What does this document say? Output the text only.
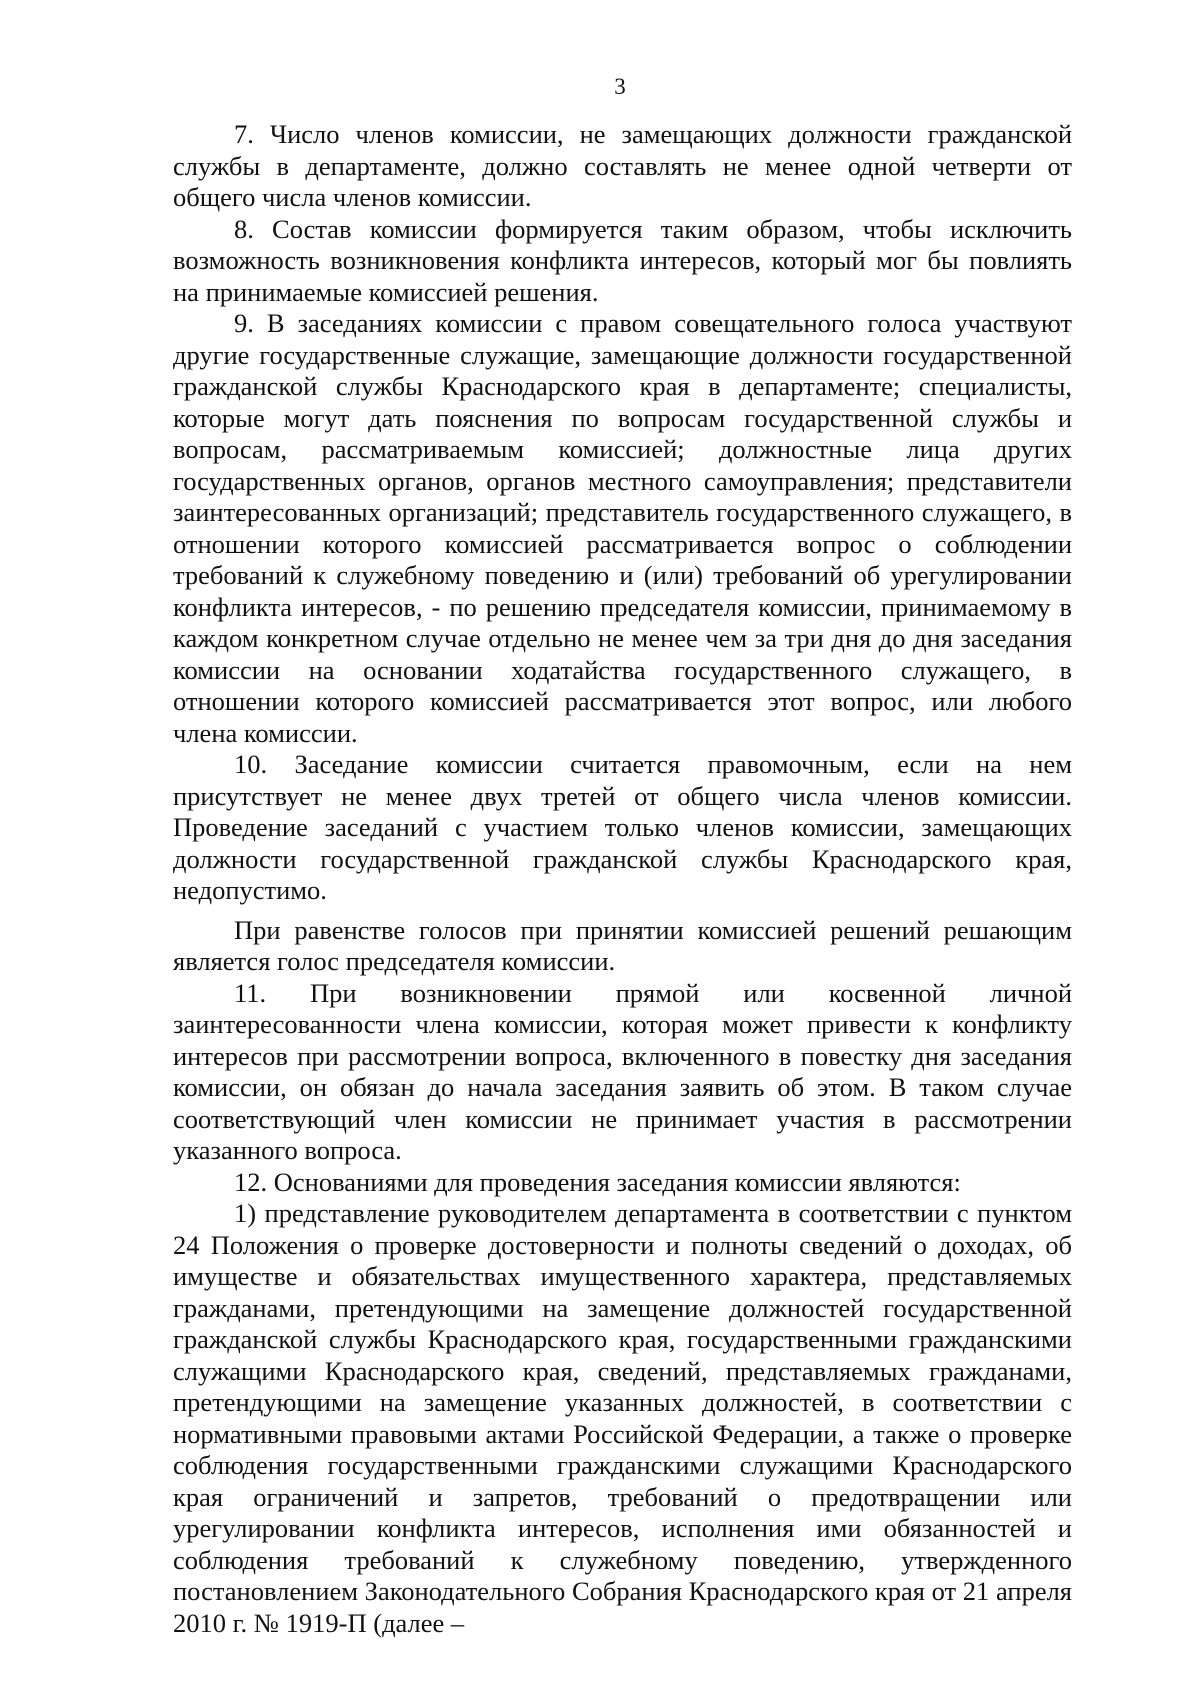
3

7. Число членов комиссии, не замещающих должности гражданской службы в департаменте, должно составлять не менее одной четверти от общего числа членов комиссии.

8. Состав комиссии формируется таким образом, чтобы исключить возможность возникновения конфликта интересов, который мог бы повлиять на принимаемые комиссией решения.

9. В заседаниях комиссии с правом совещательного голоса участвуют другие государственные служащие, замещающие должности государственной гражданской службы Краснодарского края в департаменте; специалисты, которые могут дать пояснения по вопросам государственной службы и вопросам, рассматриваемым комиссией; должностные лица других государственных органов, органов местного самоуправления; представители заинтересованных организаций; представитель государственного служащего, в отношении которого комиссией рассматривается вопрос о соблюдении требований к служебному поведению и (или) требований об урегулировании конфликта интересов, - по решению председателя комиссии, принимаемому в каждом конкретном случае отдельно не менее чем за три дня до дня заседания комиссии на основании ходатайства государственного служащего, в отношении которого комиссией рассматривается этот вопрос, или любого члена комиссии.

10. Заседание комиссии считается правомочным, если на нем присутствует не менее двух третей от общего числа членов комиссии. Проведение заседаний с участием только членов комиссии, замещающих должности государственной гражданской службы Краснодарского края, недопустимо.

При равенстве голосов при принятии комиссией решений решающим является голос председателя комиссии.

11. При возникновении прямой или косвенной личной заинтересованности члена комиссии, которая может привести к конфликту интересов при рассмотрении вопроса, включенного в повестку дня заседания комиссии, он обязан до начала заседания заявить об этом. В таком случае соответствующий член комиссии не принимает участия в рассмотрении указанного вопроса.

12. Основаниями для проведения заседания комиссии являются:

1) представление руководителем департамента в соответствии с пунктом 24 Положения о проверке достоверности и полноты сведений о доходах, об имуществе и обязательствах имущественного характера, представляемых гражданами, претендующими на замещение должностей государственной гражданской службы Краснодарского края, государственными гражданскими служащими Краснодарского края, сведений, представляемых гражданами, претендующими на замещение указанных должностей, в соответствии с нормативными правовыми актами Российской Федерации, а также о проверке соблюдения государственными гражданскими служащими Краснодарского края ограничений и запретов, требований о предотвращении или урегулировании конфликта интересов, исполнения ими обязанностей и соблюдения требований к служебному поведению, утвержденного постановлением Законодательного Собрания Краснодарского края от 21 апреля 2010 г. № 1919-П (далее –
